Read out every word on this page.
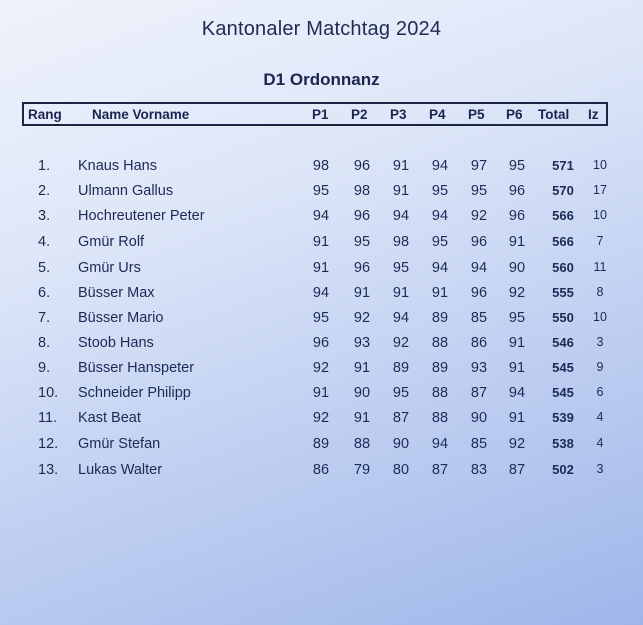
Kantonaler Matchtag 2024
D1 Ordonnanz
Rang Name Vorname	P1 P2 P3 P4 P5 P6 Total Iz
1. Knaus Hans	98	96	91	94	97	95	571	10
2. Ulmann Gallus	95	98	91	95	95	96	570	17
3. Hochreutener Peter	94	96	94	94	92	96	566	10
4. Gmür Rolf	91	95	98	95	96	91	566	7
5. Gmür Urs	91	96	95	94	94	90	560	11
6. Büsser Max	94	91	91	91	96	92	555	8
7. Büsser Mario	95	92	94	89	85	95	550	10
8. Stoob Hans	96	93	92	88	86	91	546	3
9. Büsser Hanspeter	92	91	89	89	93	91	545	9
10. Schneider Philipp	91	90	95	88	87	94	545	6
11. Kast Beat	92	91	87	88	90	91	539	4
12. Gmür Stefan	89	88	90	94	85	92	538	4
13. Lukas Walter	86	79	80	87	83	87	502	3
